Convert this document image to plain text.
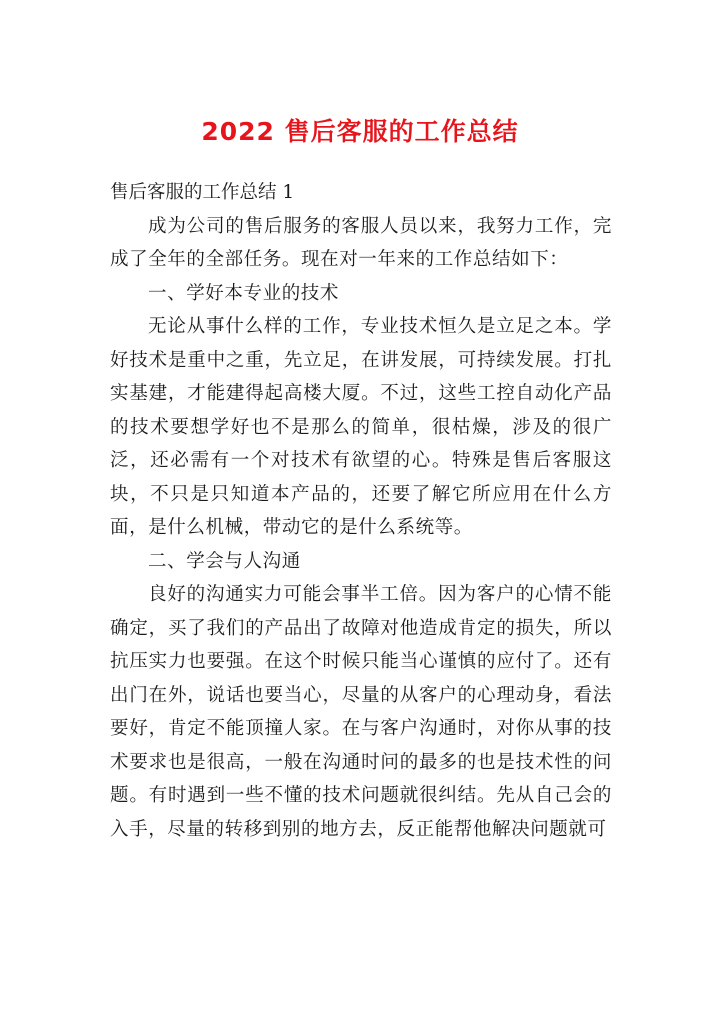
2022 售后客服的工作总结

售后客服的工作总结 1

成为公司的售后服务的客服人员以来，我努力工作，完成了全年的全部任务。现在对一年来的工作总结如下：

一、学好本专业的技术

无论从事什么样的工作，专业技术恒久是立足之本。学好技术是重中之重，先立足，在讲发展，可持续发展。打扎实基建，才能建得起高楼大厦。不过，这些工控自动化产品的技术要想学好也不是那么的简单，很枯燥，涉及的很广泛，还必需有一个对技术有欲望的心。特殊是售后客服这块，不只是只知道本产品的，还要了解它所应用在什么方面，是什么机械，带动它的是什么系统等。

二、学会与人沟通

良好的沟通实力可能会事半工倍。因为客户的心情不能确定，买了我们的产品出了故障对他造成肯定的损失，所以抗压实力也要强。在这个时候只能当心谨慎的应付了。还有出门在外，说话也要当心，尽量的从客户的心理动身，看法要好，肯定不能顶撞人家。在与客户沟通时，对你从事的技术要求也是很高，一般在沟通时问的最多的也是技术性的问题。有时遇到一些不懂的技术问题就很纠结。先从自己会的入手，尽量的转移到别的地方去，反正能帮他解决问题就可
